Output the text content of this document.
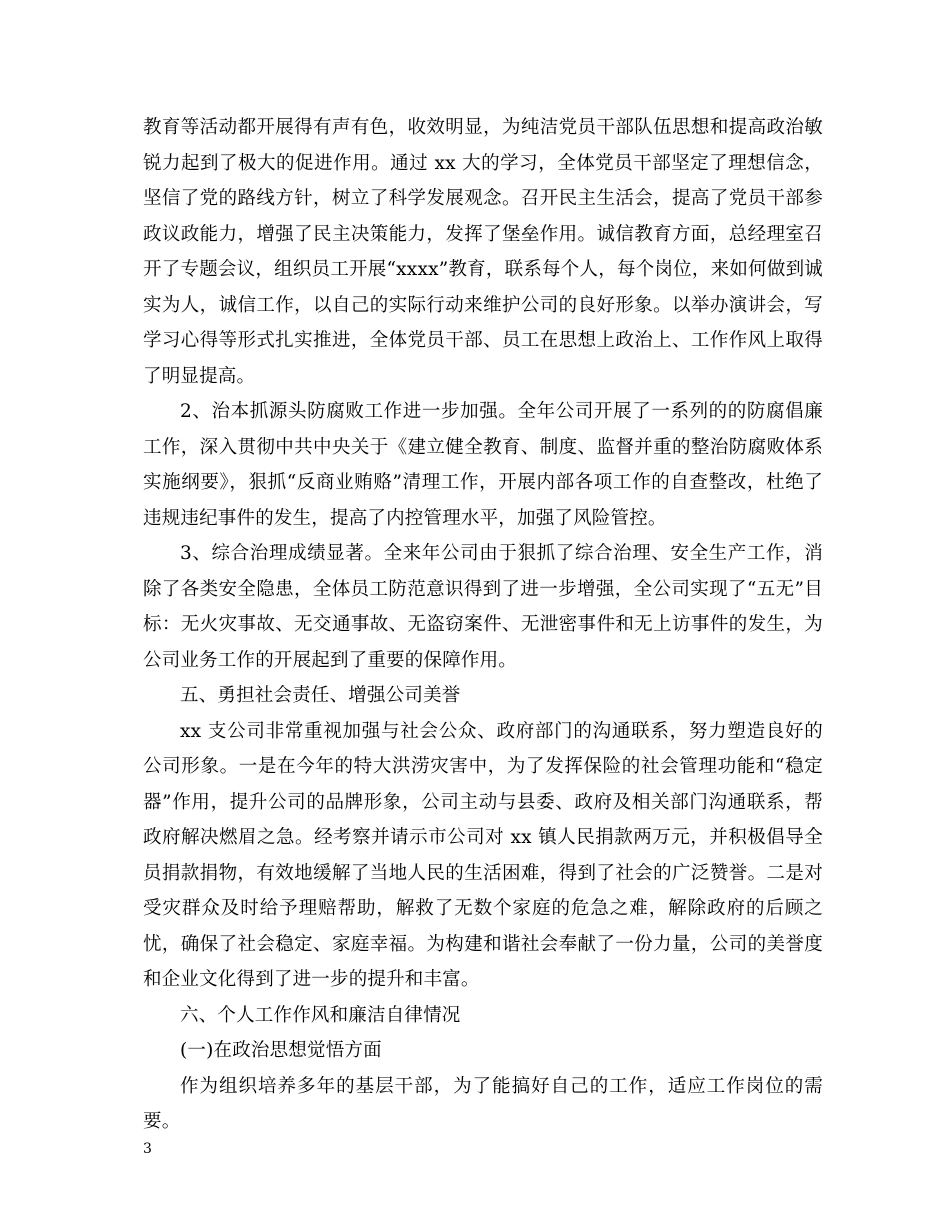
教育等活动都开展得有声有色，收效明显，为纯洁党员干部队伍思想和提高政治敏锐力起到了极大的促进作用。通过 xx 大的学习，全体党员干部坚定了理想信念，坚信了党的路线方针，树立了科学发展观念。召开民主生活会，提高了党员干部参政议政能力，增强了民主决策能力，发挥了堡垒作用。诚信教育方面，总经理室召开了专题会议，组织员工开展“xxxx”教育，联系每个人，每个岗位，来如何做到诚实为人，诚信工作，以自己的实际行动来维护公司的良好形象。以举办演讲会，写学习心得等形式扎实推进，全体党员干部、员工在思想上政治上、工作作风上取得了明显提高。

2、治本抓源头防腐败工作进一步加强。全年公司开展了一系列的的防腐倡廉工作，深入贯彻中共中央关于《建立健全教育、制度、监督并重的整治防腐败体系实施纲要》，狠抓“反商业贿赂”清理工作，开展内部各项工作的自查整改，杜绝了违规违纪事件的发生，提高了内控管理水平，加强了风险管控。

3、综合治理成绩显著。全来年公司由于狠抓了综合治理、安全生产工作，消除了各类安全隐患，全体员工防范意识得到了进一步增强，全公司实现了“五无”目标：无火灾事故、无交通事故、无盗窃案件、无泄密事件和无上访事件的发生，为公司业务工作的开展起到了重要的保障作用。

五、勇担社会责任、增强公司美誉

xx 支公司非常重视加强与社会公众、政府部门的沟通联系，努力塑造良好的公司形象。一是在今年的特大洪涝灾害中，为了发挥保险的社会管理功能和“稳定器”作用，提升公司的品牌形象，公司主动与县委、政府及相关部门沟通联系，帮政府解决燃眉之急。经考察并请示市公司对 xx 镇人民捐款两万元，并积极倡导全员捐款捐物，有效地缓解了当地人民的生活困难，得到了社会的广泛赞誉。二是对受灾群众及时给予理赔帮助，解救了无数个家庭的危急之难，解除政府的后顾之忧，确保了社会稳定、家庭幸福。为构建和谐社会奉献了一份力量，公司的美誉度和企业文化得到了进一步的提升和丰富。

六、个人工作作风和廉洁自律情况

(一)在政治思想觉悟方面

作为组织培养多年的基层干部，为了能搞好自己的工作，适应工作岗位的需要。

3
